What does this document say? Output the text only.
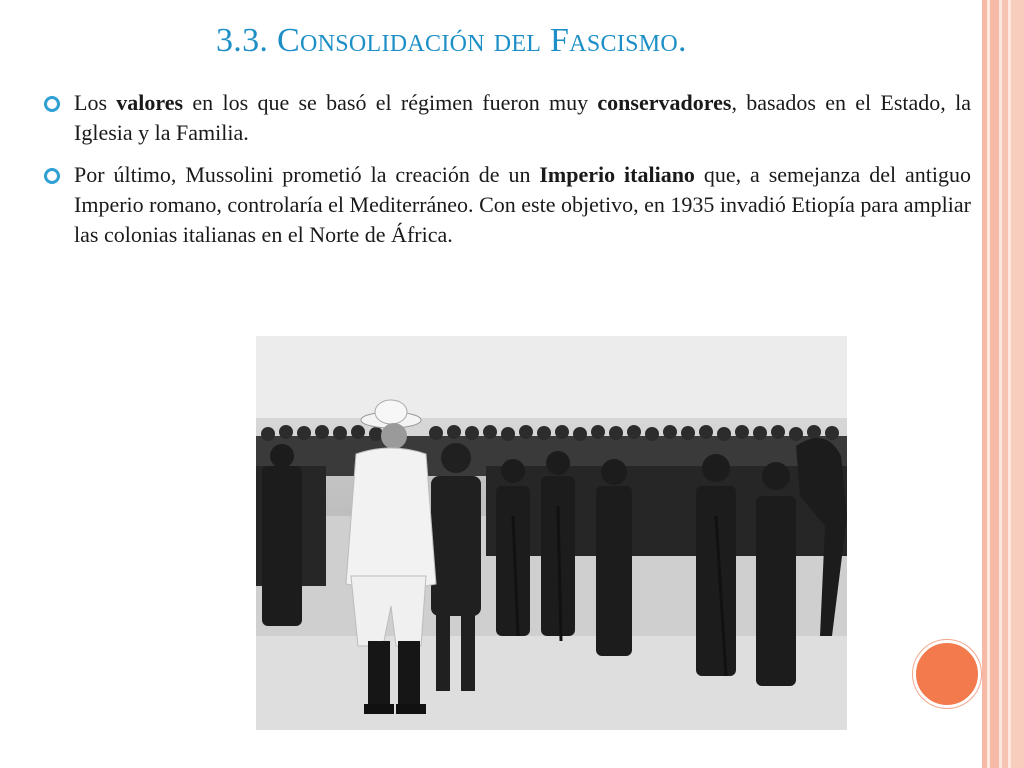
3.3. Consolidación del Fascismo.
Los valores en los que se basó el régimen fueron muy conservadores, basados en el Estado, la Iglesia y la Familia.
Por último, Mussolini prometió la creación de un Imperio italiano que, a semejanza del antiguo Imperio romano, controlaría el Mediterráneo. Con este objetivo, en 1935 invadió Etiopía para ampliar las colonias italianas en el Norte de África.
